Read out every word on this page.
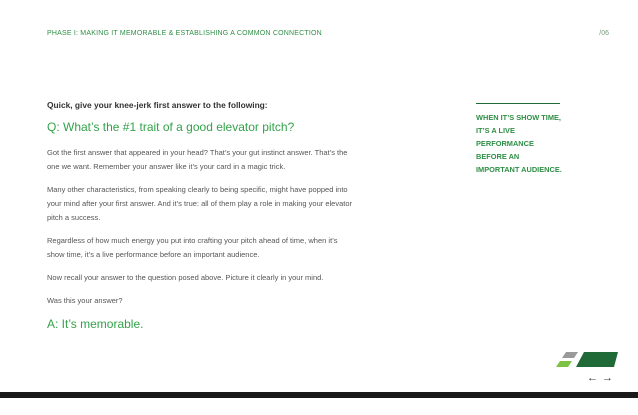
PHASE I: MAKING IT MEMORABLE & ESTABLISHING A COMMON CONNECTION	/06

Quick, give your knee-jerk first answer to the following:

Q: What’s the #1 trait of a good elevator pitch?

Got the first answer that appeared in your head? That’s your gut instinct answer. That’s the one we want. Remember your answer like it’s your card in a magic trick.

Many other characteristics, from speaking clearly to being specific, might have popped into your mind after your first answer. And it’s true: all of them play a role in making your elevator pitch a success.

Regardless of how much energy you put into crafting your pitch ahead of time, when it’s show time, it’s a live performance before an important audience.

Now recall your answer to the question posed above. Picture it clearly in your mind.

Was this your answer?

A: It’s memorable.

WHEN IT’S SHOW TIME, IT’S A LIVE PERFORMANCE BEFORE AN IMPORTANT AUDIENCE.

← →
